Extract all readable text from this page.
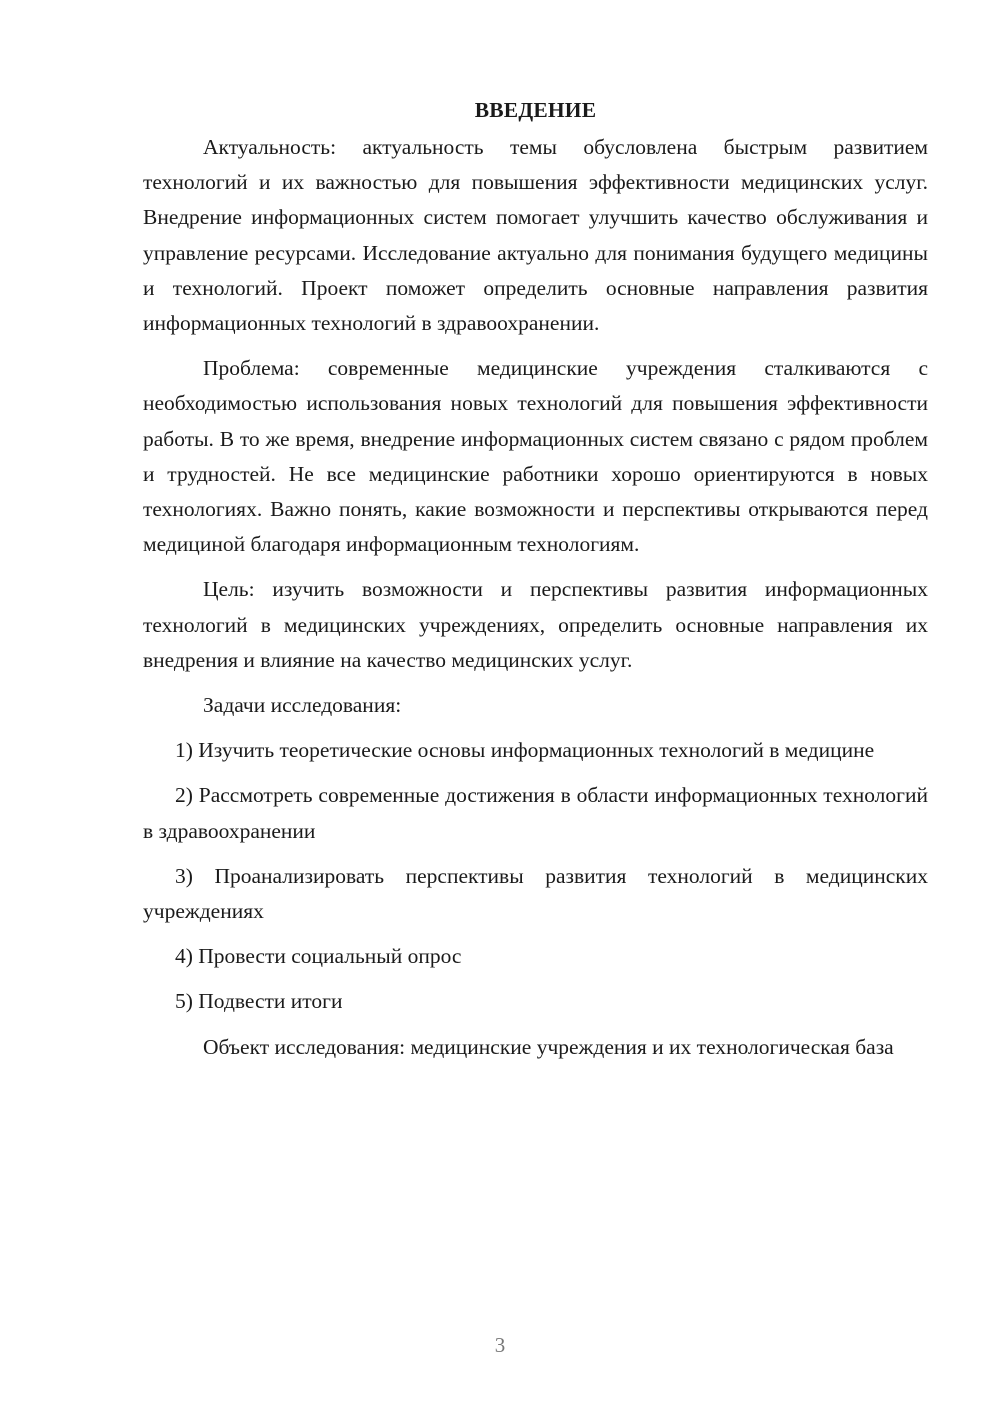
ВВЕДЕНИЕ

Актуальность: актуальность темы обусловлена быстрым развитием технологий и их важностью для повышения эффективности медицинских услуг. Внедрение информационных систем помогает улучшить качество обслуживания и управление ресурсами. Исследование актуально для понимания будущего медицины и технологий. Проект поможет определить основные направления развития информационных технологий в здравоохранении.

Проблема: современные медицинские учреждения сталкиваются с необходимостью использования новых технологий для повышения эффективности работы. В то же время, внедрение информационных систем связано с рядом проблем и трудностей. Не все медицинские работники хорошо ориентируются в новых технологиях. Важно понять, какие возможности и перспективы открываются перед медициной благодаря информационным технологиям.

Цель: изучить возможности и перспективы развития информационных технологий в медицинских учреждениях, определить основные направления их внедрения и влияние на качество медицинских услуг.

Задачи исследования:

1) Изучить теоретические основы информационных технологий в медицине

2) Рассмотреть современные достижения в области информационных технологий в здравоохранении

3) Проанализировать перспективы развития технологий в медицинских учреждениях

4) Провести социальный опрос

5) Подвести итоги

Объект исследования: медицинские учреждения и их технологическая база

3
